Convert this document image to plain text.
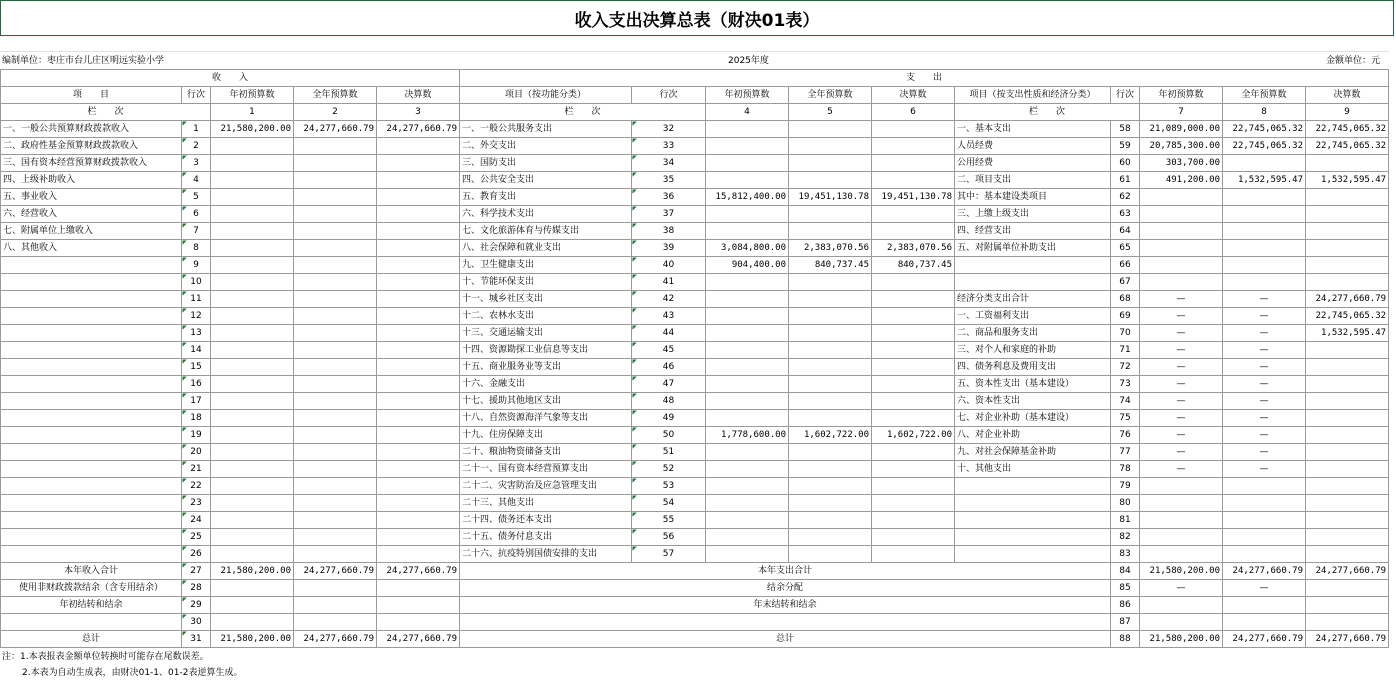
收入支出决算总表（财决01表）
编制单位：枣庄市台儿庄区明远实验小学	2025年度	金额单位：元
收　　入					支　　出									
项　　目	行次	年初预算数	全年预算数	决算数	项目（按功能分类）	行次	年初预算数	全年预算数	决算数	项目（按支出性质和经济分类）	行次	年初预算数	全年预算数	决算数
栏　　次		1	2	3	栏　　次		4	5	6	栏　　次		7	8	9
一、一般公共预算财政拨款收入	1	21,580,200.00	24,277,660.79	24,277,660.79	一、一般公共服务支出	32				一、基本支出	58	21,089,000.00	22,745,065.32	22,745,065.32
二、政府性基金预算财政拨款收入	2				二、外交支出	33				人员经费	59	20,785,300.00	22,745,065.32	22,745,065.32
三、国有资本经营预算财政拨款收入	3				三、国防支出	34				公用经费	60	303,700.00		
四、上级补助收入	4				四、公共安全支出	35				二、项目支出	61	491,200.00	1,532,595.47	1,532,595.47
五、事业收入	5				五、教育支出	36	15,812,400.00	19,451,130.78	19,451,130.78	其中：基本建设类项目	62			
六、经营收入	6				六、科学技术支出	37				三、上缴上级支出	63			
七、附属单位上缴收入	7				七、文化旅游体育与传媒支出	38				四、经营支出	64			
八、其他收入	8				八、社会保障和就业支出	39	3,084,800.00	2,383,070.56	2,383,070.56	五、对附属单位补助支出	65			
	9				九、卫生健康支出	40	904,400.00	840,737.45	840,737.45		66			
	10				十、节能环保支出	41					67			
	11				十一、城乡社区支出	42				经济分类支出合计	68	—	—	24,277,660.79
	12				十二、农林水支出	43				一、工资福利支出	69	—	—	22,745,065.32
	13				十三、交通运输支出	44				二、商品和服务支出	70	—	—	1,532,595.47
	14				十四、资源勘探工业信息等支出	45				三、对个人和家庭的补助	71	—	—	
	15				十五、商业服务业等支出	46				四、债务利息及费用支出	72	—	—	
	16				十六、金融支出	47				五、资本性支出（基本建设）	73	—	—	
	17				十七、援助其他地区支出	48				六、资本性支出	74	—	—	
	18				十八、自然资源海洋气象等支出	49				七、对企业补助（基本建设）	75	—	—	
	19				十九、住房保障支出	50	1,778,600.00	1,602,722.00	1,602,722.00	八、对企业补助	76	—	—	
	20				二十、粮油物资储备支出	51				九、对社会保障基金补助	77	—	—	
	21				二十一、国有资本经营预算支出	52				十、其他支出	78	—	—	
	22				二十二、灾害防治及应急管理支出	53					79			
	23				二十三、其他支出	54					80			
	24				二十四、债务还本支出	55					81			
	25				二十五、债务付息支出	56					82			
	26				二十六、抗疫特别国债安排的支出	57					83			
本年收入合计	27	21,580,200.00	24,277,660.79	24,277,660.79	本年支出合计						84	21,580,200.00	24,277,660.79	24,277,660.79
使用非财政拨款结余（含专用结余）	28				结余分配						85	—	—	
年初结转和结余	29				年末结转和结余						86			
	30										87			
总计	31	21,580,200.00	24,277,660.79	24,277,660.79	总计						88	21,580,200.00	24,277,660.79	24,277,660.79
注：1.本表报表金额单位转换时可能存在尾数误差。
2.本表为自动生成表，由财决01-1、01-2表逆算生成。
